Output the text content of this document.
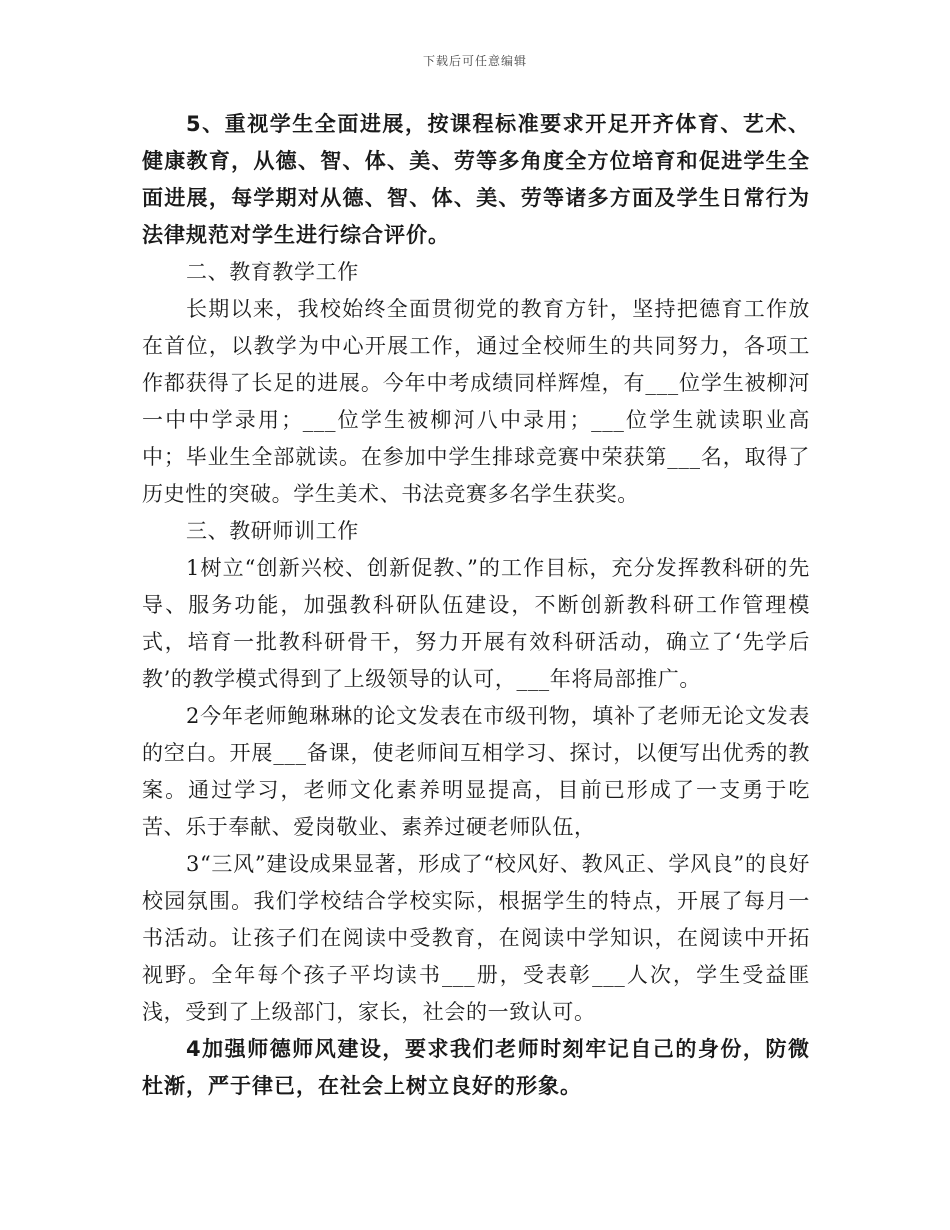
下载后可任意编辑

5、重视学生全面进展，按课程标准要求开足开齐体育、艺术、健康教育，从德、智、体、美、劳等多角度全方位培育和促进学生全面进展，每学期对从德、智、体、美、劳等诸多方面及学生日常行为法律规范对学生进行综合评价。

二、教育教学工作

长期以来，我校始终全面贯彻党的教育方针，坚持把德育工作放在首位，以教学为中心开展工作，通过全校师生的共同努力，各项工作都获得了长足的进展。今年中考成绩同样辉煌，有___位学生被柳河一中中学录用；___位学生被柳河八中录用；___位学生就读职业高中；毕业生全部就读。在参加中学生排球竞赛中荣获第___名，取得了历史性的突破。学生美术、书法竞赛多名学生获奖。

三、教研师训工作

1树立“创新兴校、创新促教、”的工作目标，充分发挥教科研的先导、服务功能，加强教科研队伍建设，不断创新教科研工作管理模式，培育一批教科研骨干，努力开展有效科研活动，确立了‘先学后教’的教学模式得到了上级领导的认可，___年将局部推广。

2今年老师鲍琳琳的论文发表在市级刊物，填补了老师无论文发表的空白。开展___备课，使老师间互相学习、探讨，以便写出优秀的教案。通过学习，老师文化素养明显提高，目前已形成了一支勇于吃苦、乐于奉献、爱岗敬业、素养过硬老师队伍，

3“三风”建设成果显著，形成了“校风好、教风正、学风良”的良好校园氛围。我们学校结合学校实际，根据学生的特点，开展了每月一书活动。让孩子们在阅读中受教育，在阅读中学知识，在阅读中开拓视野。全年每个孩子平均读书___册，受表彰___人次，学生受益匪浅，受到了上级部门，家长，社会的一致认可。

4加强师德师风建设，要求我们老师时刻牢记自己的身份，防微杜渐，严于律已，在社会上树立良好的形象。
